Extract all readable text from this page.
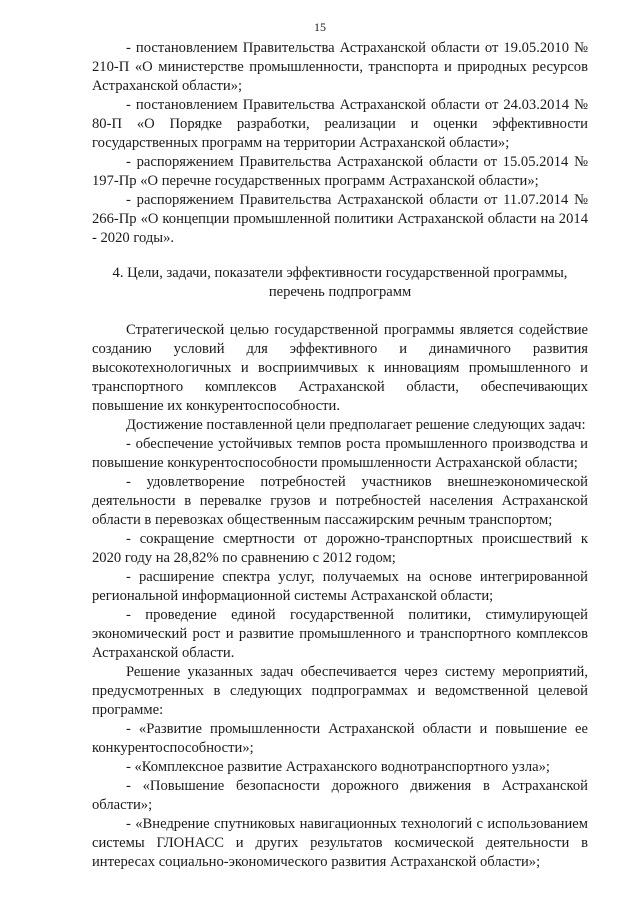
15

- постановлением Правительства Астраханской области от 19.05.2010 № 210-П «О министерстве промышленности, транспорта и природных ресурсов Астраханской области»;

- постановлением Правительства Астраханской области от 24.03.2014 № 80-П «О Порядке разработки, реализации и оценки эффективности государственных программ на территории Астраханской области»;

- распоряжением Правительства Астраханской области от 15.05.2014 № 197-Пр «О перечне государственных программ Астраханской области»;

- распоряжением Правительства Астраханской области от 11.07.2014 № 266-Пр «О концепции промышленной политики Астраханской области на 2014 - 2020 годы».

4. Цели, задачи, показатели эффективности государственной программы,
перечень подпрограмм

Стратегической целью государственной программы является содействие созданию условий для эффективного и динамичного развития высокотехнологичных и восприимчивых к инновациям промышленного и транспортного комплексов Астраханской области, обеспечивающих повышение их конкурентоспособности.

Достижение поставленной цели предполагает решение следующих задач:

- обеспечение устойчивых темпов роста промышленного производства и повышение конкурентоспособности промышленности Астраханской области;

- удовлетворение потребностей участников внешнеэкономической деятельности в перевалке грузов и потребностей населения Астраханской области в перевозках общественным пассажирским речным транспортом;

- сокращение смертности от дорожно-транспортных происшествий к 2020 году на 28,82% по сравнению с 2012 годом;

- расширение спектра услуг, получаемых на основе интегрированной региональной информационной системы Астраханской области;

- проведение единой государственной политики, стимулирующей экономический рост и развитие промышленного и транспортного комплексов Астраханской области.

Решение указанных задач обеспечивается через систему мероприятий, предусмотренных в следующих подпрограммах и ведомственной целевой программе:

- «Развитие промышленности Астраханской области и повышение ее конкурентоспособности»;

- «Комплексное развитие Астраханского воднотранспортного узла»;

- «Повышение безопасности дорожного движения в Астраханской области»;

- «Внедрение спутниковых навигационных технологий с использованием системы ГЛОНАСС и других результатов космической деятельности в интересах социально-экономического развития Астраханской области»;
